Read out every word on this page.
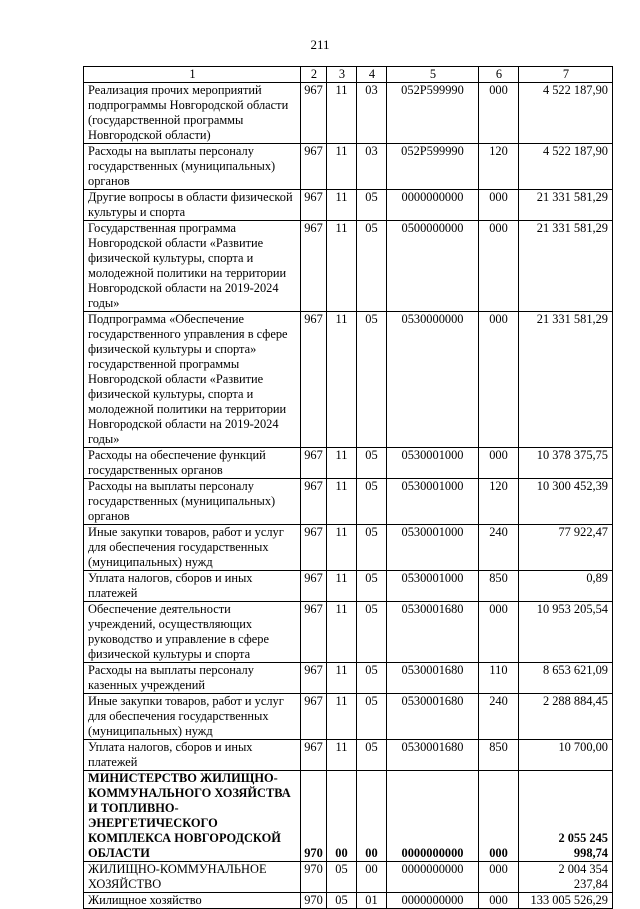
211
1	2	3	4	5	6	7
Реализация прочих мероприятий подпрограммы Новгородской области (государственной программы Новгородской области)	967	11	03	052P599990	000	4 522 187,90
Расходы на выплаты персоналу государственных (муниципальных) органов	967	11	03	052P599990	120	4 522 187,90
Другие вопросы в области физической культуры и спорта	967	11	05	0000000000	000	21 331 581,29
Государственная программа Новгородской области «Развитие физической культуры, спорта и молодежной политики на территории Новгородской области на 2019-2024 годы»	967	11	05	0500000000	000	21 331 581,29
Подпрограмма «Обеспечение государственного управления в сфере физической культуры и спорта» государственной программы Новгородской области «Развитие физической культуры, спорта и молодежной политики на территории Новгородской области на 2019-2024 годы»	967	11	05	0530000000	000	21 331 581,29
Расходы на обеспечение функций государственных органов	967	11	05	0530001000	000	10 378 375,75
Расходы на выплаты персоналу государственных (муниципальных) органов	967	11	05	0530001000	120	10 300 452,39
Иные закупки товаров, работ и услуг для обеспечения государственных (муниципальных) нужд	967	11	05	0530001000	240	77 922,47
Уплата налогов, сборов и иных платежей	967	11	05	0530001000	850	0,89
Обеспечение деятельности учреждений, осуществляющих руководство и управление в сфере физической культуры и спорта	967	11	05	0530001680	000	10 953 205,54
Расходы на выплаты персоналу казенных учреждений	967	11	05	0530001680	110	8 653 621,09
Иные закупки товаров, работ и услуг для обеспечения государственных (муниципальных) нужд	967	11	05	0530001680	240	2 288 884,45
Уплата налогов, сборов и иных платежей	967	11	05	0530001680	850	10 700,00
МИНИСТЕРСТВО ЖИЛИЩНО-КОММУНАЛЬНОГО ХОЗЯЙСТВА И ТОПЛИВНО-ЭНЕРГЕТИЧЕСКОГО КОМПЛЕКСА НОВГОРОДСКОЙ ОБЛАСТИ	970	00	00	0000000000	000	2 055 245 998,74
ЖИЛИЩНО-КОММУНАЛЬНОЕ ХОЗЯЙСТВО	970	05	00	0000000000	000	2 004 354 237,84
Жилищное хозяйство	970	05	01	0000000000	000	133 005 526,29
